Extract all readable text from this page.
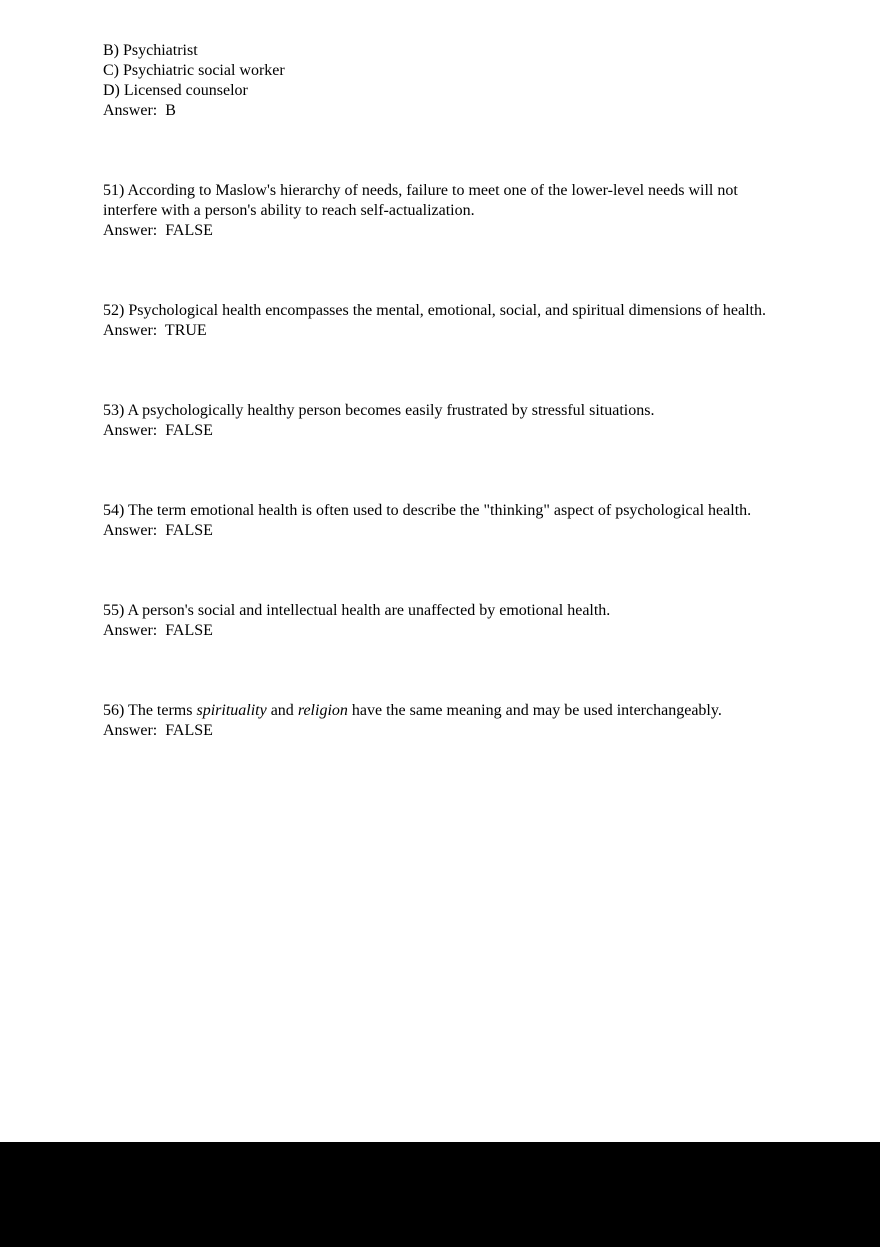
B) Psychiatrist
C) Psychiatric social worker
D) Licensed counselor
Answer:  B
51) According to Maslow's hierarchy of needs, failure to meet one of the lower-level needs will not interfere with a person's ability to reach self-actualization.
Answer:  FALSE
52) Psychological health encompasses the mental, emotional, social, and spiritual dimensions of health.
Answer:  TRUE
53) A psychologically healthy person becomes easily frustrated by stressful situations.
Answer:  FALSE
54) The term emotional health is often used to describe the "thinking" aspect of psychological health.
Answer:  FALSE
55) A person's social and intellectual health are unaffected by emotional health.
Answer:  FALSE
56) The terms spirituality and religion have the same meaning and may be used interchangeably.
Answer:  FALSE
